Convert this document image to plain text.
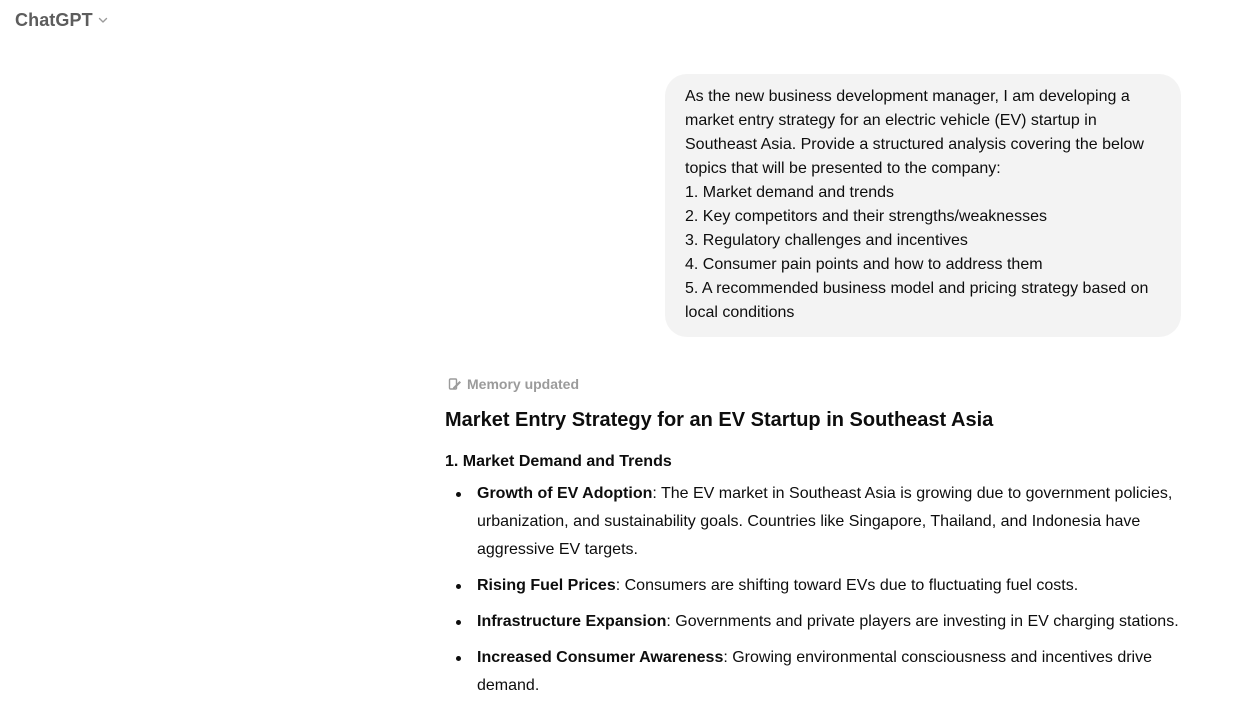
ChatGPT
As the new business development manager, I am developing a market entry strategy for an electric vehicle (EV) startup in Southeast Asia. Provide a structured analysis covering the below topics that will be presented to the company:
1. Market demand and trends
2. Key competitors and their strengths/weaknesses
3. Regulatory challenges and incentives
4. Consumer pain points and how to address them
5. A recommended business model and pricing strategy based on local conditions
Memory updated
Market Entry Strategy for an EV Startup in Southeast Asia
1. Market Demand and Trends
Growth of EV Adoption: The EV market in Southeast Asia is growing due to government policies, urbanization, and sustainability goals. Countries like Singapore, Thailand, and Indonesia have aggressive EV targets.
Rising Fuel Prices: Consumers are shifting toward EVs due to fluctuating fuel costs.
Infrastructure Expansion: Governments and private players are investing in EV charging stations.
Increased Consumer Awareness: Growing environmental consciousness and incentives drive demand.
